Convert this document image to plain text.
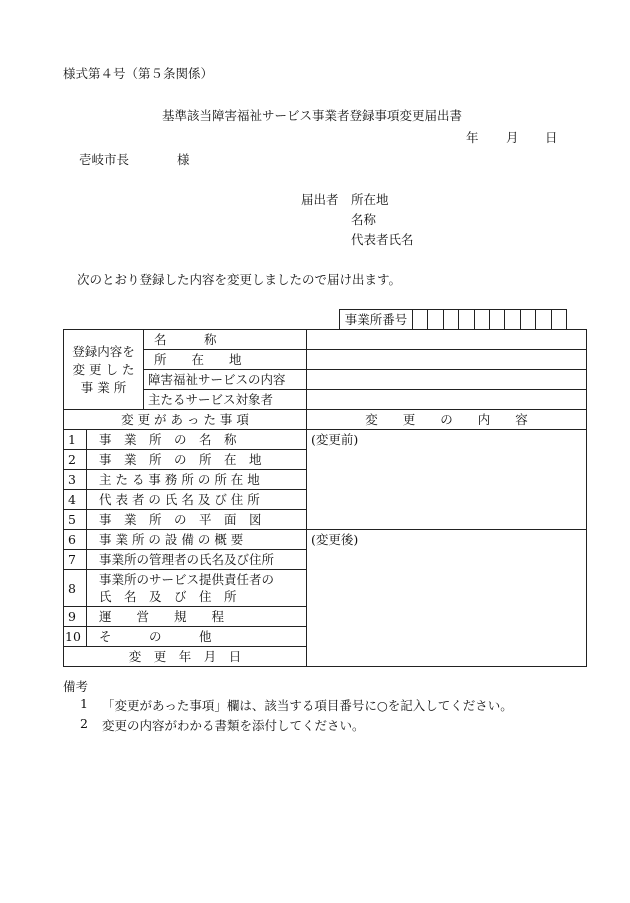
様式第４号（第５条関係）
基準該当障害福祉サービス事業者登録事項変更届出書
年 月 日
壱岐市長	様
届出者 所在地
名称
代表者氏名
次のとおり登録した内容を変更しましたので届け出ます。
事業所番号
登録内容を
変 更 し た
事 業 所		名　　　称		
		所　　在　　地		
		障害福祉サービスの内容		
		主たるサービス対象者		
変 更 が あ っ た 事 項			変　　更　　の　　内　　容	
1	事　業　所　の　名　称		(変更前)	
2	事　業　所　の　所　在　地			
3	主 た る 事 務 所 の 所 在 地			
4	代 表 者 の 氏 名 及 び 住 所			
5	事　業　所　の　平　面　図			
6	事 業 所 の 設 備 の 概 要		(変更後)	
7	事業所の管理者の氏名及び住所			
8	事業所のサービス提供責任者の
氏　名　及　び　住　所			

9	運　　営　　規　　程			
10	そ　　　の　　　他			
変　更　年　月　日	
備考
1 「変更があった事項」欄は、該当する項目番号に○を記入してください。
2 変更の内容がわかる書類を添付してください。
